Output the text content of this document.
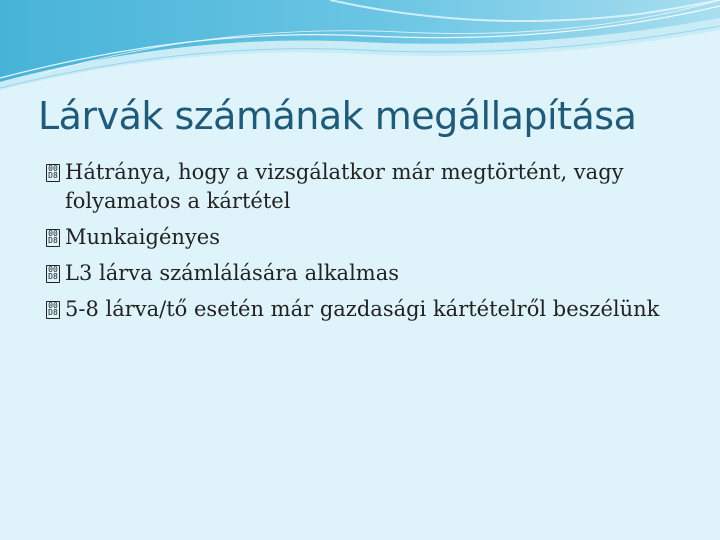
Lárvák számának megállapítása
00
D8 Hátránya, hogy a vizsgálatkor már megtörtént, vagy folyamatos a kártétel
00
D8 Munkaigényes
00
D8 L3 lárva számlálására alkalmas
00
D8 5-8 lárva/tő esetén már gazdasági kártételről beszélünk
